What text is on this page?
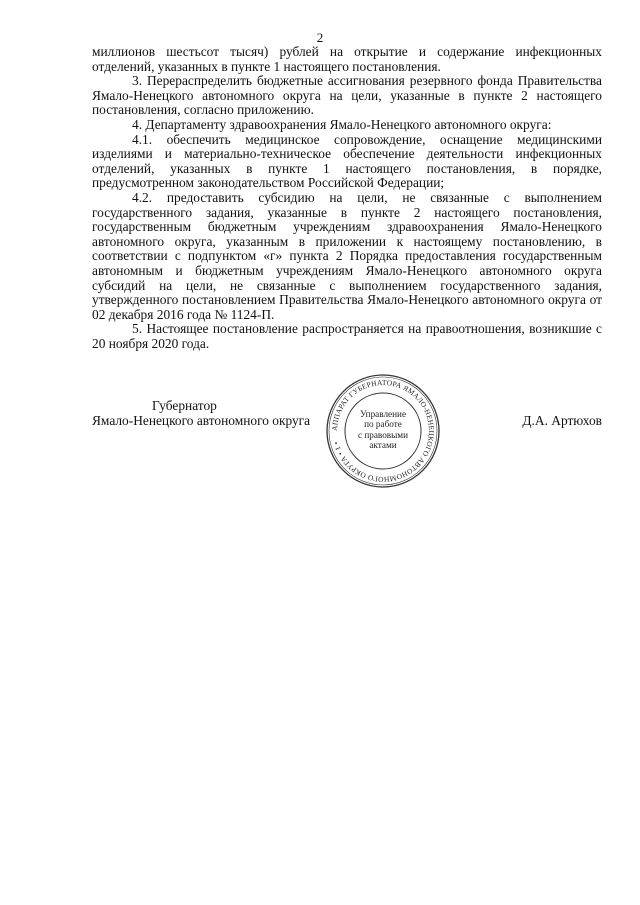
2

миллионов шестьсот тысяч) рублей на открытие и содержание инфекционных отделений, указанных в пункте 1 настоящего постановления.

3. Перераспределить бюджетные ассигнования резервного фонда Правительства Ямало-Ненецкого автономного округа на цели, указанные в пункте 2 настоящего постановления, согласно приложению.

4. Департаменту здравоохранения Ямало-Ненецкого автономного округа:

4.1. обеспечить медицинское сопровождение, оснащение медицинскими изделиями и материально-техническое обеспечение деятельности инфекционных отделений, указанных в пункте 1 настоящего постановления, в порядке, предусмотренном законодательством Российской Федерации;

4.2. предоставить субсидию на цели, не связанные с выполнением государственного задания, указанные в пункте 2 настоящего постановления, государственным бюджетным учреждениям здравоохранения Ямало-Ненецкого автономного округа, указанным в приложении к настоящему постановлению, в соответствии с подпунктом «г» пункта 2 Порядка предоставления государственным автономным и бюджетным учреждениям Ямало-Ненецкого автономного округа субсидий на цели, не связанные с выполнением государственного задания, утвержденного постановлением Правительства Ямало-Ненецкого автономного округа от 02 декабря 2016 года № 1124-П.

5. Настоящее постановление распространяется на правоотношения, возникшие с 20 ноября 2020 года.

Губернатор
Ямало-Ненецкого автономного округа
АППАРАТ ГУБЕРНАТОРА ЯМАЛО-НЕНЕЦКОГО АВТОНОМНОГО ОКРУГА • 1 •
Управление
по работе
с правовыми
актами
Д.А. Артюхов
